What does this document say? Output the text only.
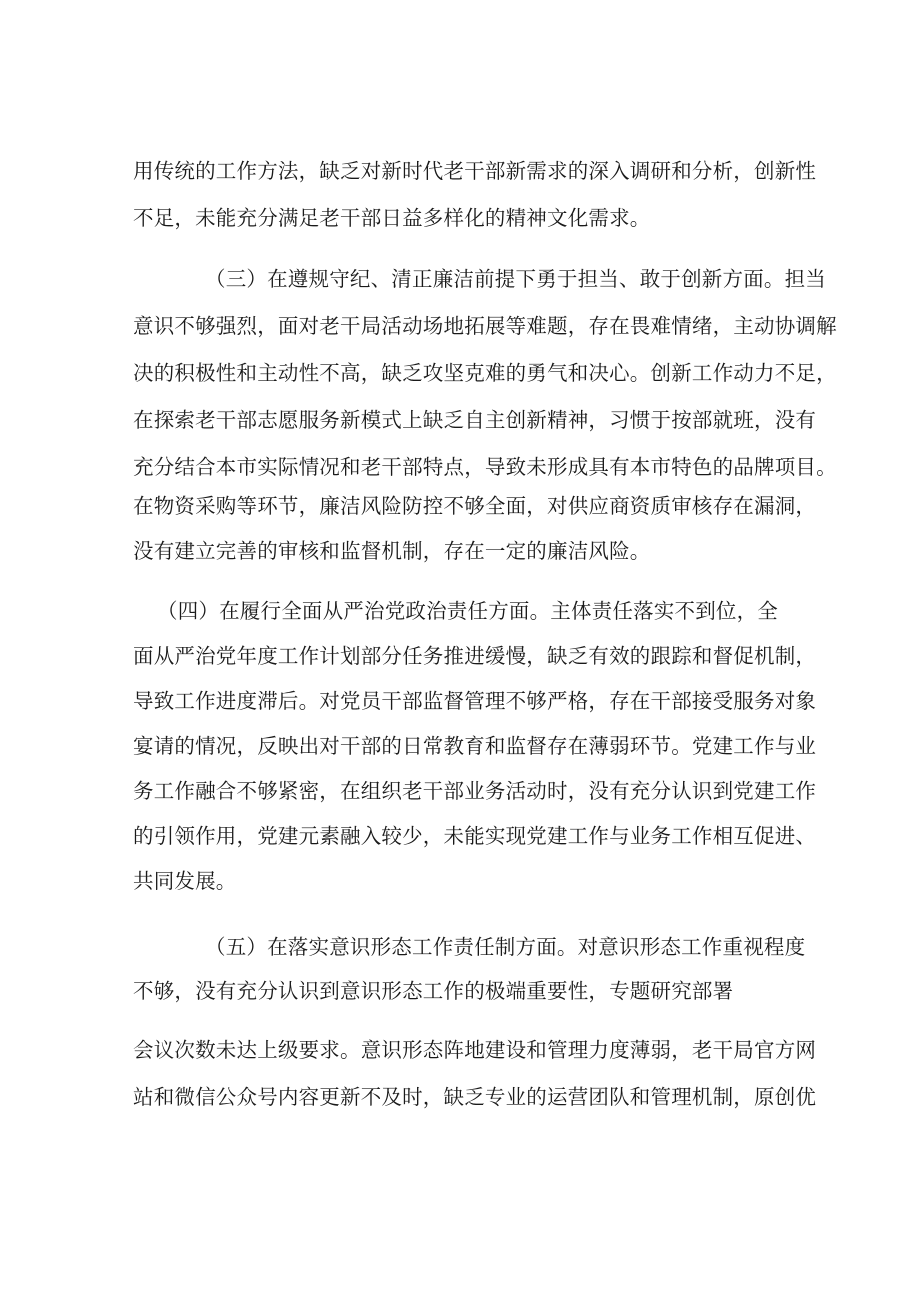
用传统的工作方法，缺乏对新时代老干部新需求的深入调研和分析，创新性
不足，未能充分满足老干部日益多样化的精神文化需求。
（三）在遵规守纪、清正廉洁前提下勇于担当、敢于创新方面。担当
意识不够强烈，面对老干局活动场地拓展等难题，存在畏难情绪，主动协调解
决的积极性和主动性不高，缺乏攻坚克难的勇气和决心。创新工作动力不足，
在探索老干部志愿服务新模式上缺乏自主创新精神，习惯于按部就班，没有
充分结合本市实际情况和老干部特点，导致未形成具有本市特色的品牌项目。
在物资采购等环节，廉洁风险防控不够全面，对供应商资质审核存在漏洞，
没有建立完善的审核和监督机制，存在一定的廉洁风险。
（四）在履行全面从严治党政治责任方面。主体责任落实不到位，全
面从严治党年度工作计划部分任务推进缓慢，缺乏有效的跟踪和督促机制，
导致工作进度滞后。对党员干部监督管理不够严格，存在干部接受服务对象
宴请的情况，反映出对干部的日常教育和监督存在薄弱环节。党建工作与业
务工作融合不够紧密，在组织老干部业务活动时，没有充分认识到党建工作
的引领作用，党建元素融入较少，未能实现党建工作与业务工作相互促进、
共同发展。
（五）在落实意识形态工作责任制方面。对意识形态工作重视程度
不够，没有充分认识到意识形态工作的极端重要性，专题研究部署
会议次数未达上级要求。意识形态阵地建设和管理力度薄弱，老干局官方网
站和微信公众号内容更新不及时，缺乏专业的运营团队和管理机制，原创优
